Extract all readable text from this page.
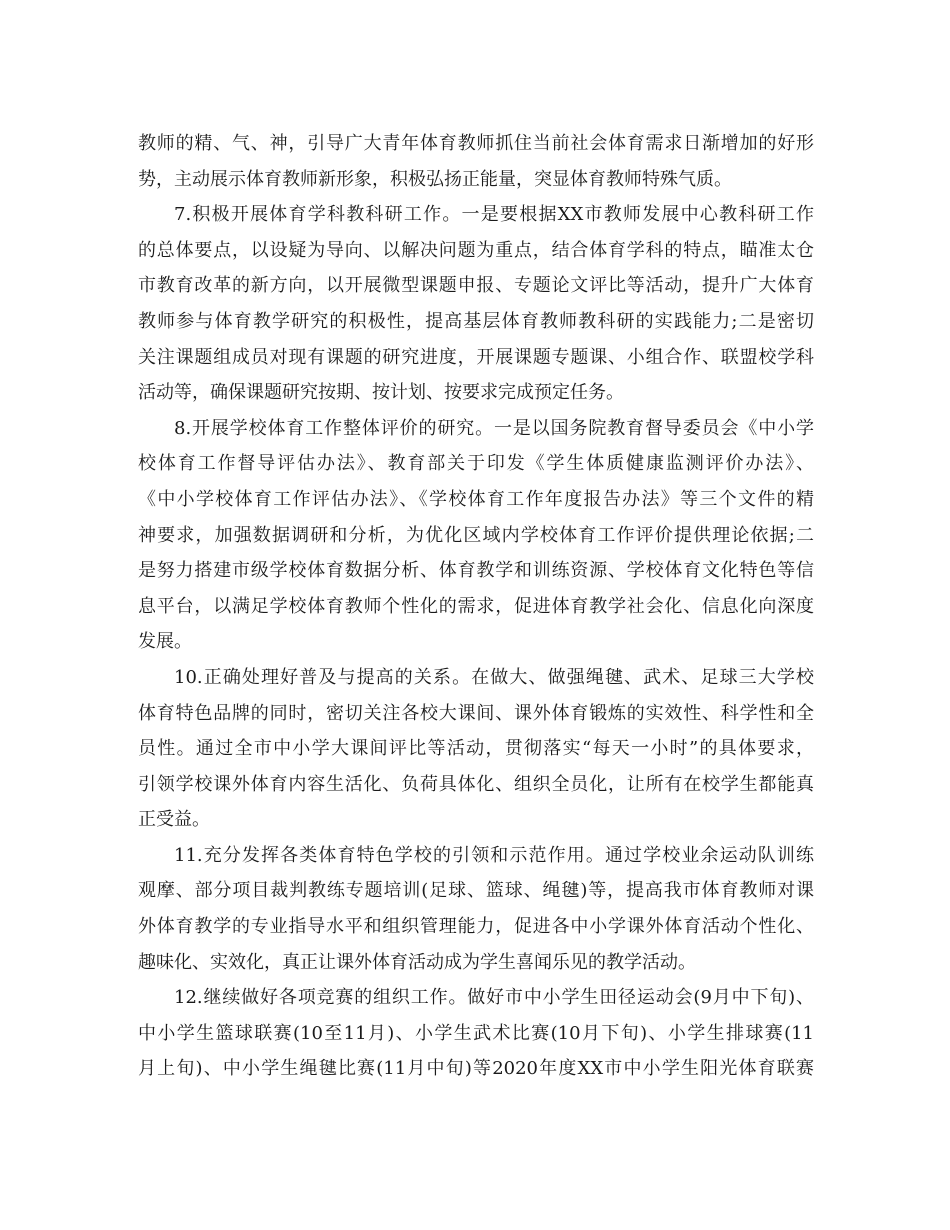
教师的精、气、神，引导广大青年体育教师抓住当前社会体育需求日渐增加的好形
势，主动展示体育教师新形象，积极弘扬正能量，突显体育教师特殊气质。
7.积极开展体育学科教科研工作。一是要根据XX市教师发展中心教科研工作
的总体要点，以设疑为导向、以解决问题为重点，结合体育学科的特点，瞄准太仓
市教育改革的新方向，以开展微型课题申报、专题论文评比等活动，提升广大体育
教师参与体育教学研究的积极性，提高基层体育教师教科研的实践能力;二是密切
关注课题组成员对现有课题的研究进度，开展课题专题课、小组合作、联盟校学科
活动等，确保课题研究按期、按计划、按要求完成预定任务。
8.开展学校体育工作整体评价的研究。一是以国务院教育督导委员会《中小学
校体育工作督导评估办法》、教育部关于印发《学生体质健康监测评价办法》、
《中小学校体育工作评估办法》、《学校体育工作年度报告办法》等三个文件的精
神要求，加强数据调研和分析，为优化区域内学校体育工作评价提供理论依据;二
是努力搭建市级学校体育数据分析、体育教学和训练资源、学校体育文化特色等信
息平台，以满足学校体育教师个性化的需求，促进体育教学社会化、信息化向深度
发展。
10.正确处理好普及与提高的关系。在做大、做强绳毽、武术、足球三大学校
体育特色品牌的同时，密切关注各校大课间、课外体育锻炼的实效性、科学性和全
员性。通过全市中小学大课间评比等活动，贯彻落实“每天一小时”的具体要求，
引领学校课外体育内容生活化、负荷具体化、组织全员化，让所有在校学生都能真
正受益。
11.充分发挥各类体育特色学校的引领和示范作用。通过学校业余运动队训练
观摩、部分项目裁判教练专题培训(足球、篮球、绳毽)等，提高我市体育教师对课
外体育教学的专业指导水平和组织管理能力，促进各中小学课外体育活动个性化、
趣味化、实效化，真正让课外体育活动成为学生喜闻乐见的教学活动。
12.继续做好各项竞赛的组织工作。做好市中小学生田径运动会(9月中下旬)、
中小学生篮球联赛(10至11月)、小学生武术比赛(10月下旬)、小学生排球赛(11
月上旬)、中小学生绳毽比赛(11月中旬)等2020年度XX市中小学生阳光体育联赛
